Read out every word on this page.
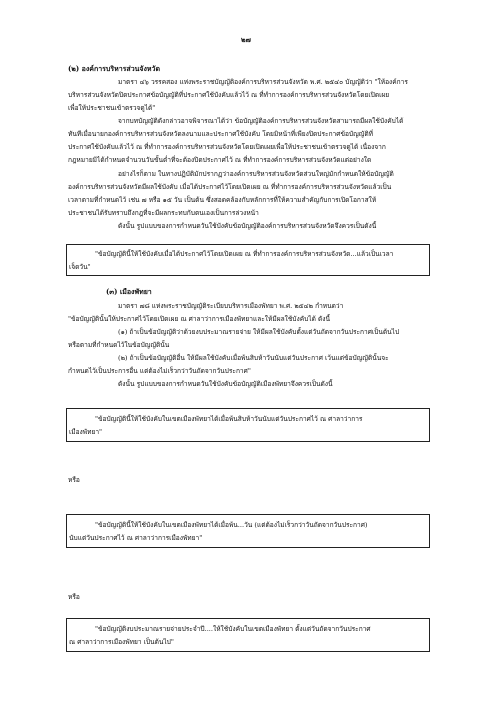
๒๗
(๒) องค์การบริหารส่วนจังหวัด
มาตรา ๔๖ วรรคสอง แห่งพระราชบัญญัติองค์การบริหารส่วนจังหวัด พ.ศ. ๒๕๔๐ บัญญัติว่า "ให้องค์การ
บริหารส่วนจังหวัดปิดประกาศข้อบัญญัติที่ประกาศใช้บังคับแล้วไว้ ณ ที่ทำการองค์การบริหารส่วนจังหวัดโดยเปิดเผย
เพื่อให้ประชาชนเข้าตรวจดูได้"
จากบทบัญญัติดังกล่าวอาจพิจารณาได้ว่า ข้อบัญญัติองค์การบริหารส่วนจังหวัดสามารถมีผลใช้บังคับได้
ทันทีเมื่อนายกองค์การบริหารส่วนจังหวัดลงนามและประกาศใช้บังคับ โดยมิหน้าที่เพียงปิดประกาศข้อบัญญัติที่
ประกาศใช้บังคับแล้วไว้ ณ ที่ทำการองค์การบริหารส่วนจังหวัดโดยเปิดเผยเพื่อให้ประชาชนเข้าตรวจดูได้ เนื่องจาก
กฎหมายมิได้กำหนดจำนวนวันขั้นต่ำที่จะต้องปิดประกาศไว้ ณ ที่ทำการองค์การบริหารส่วนจังหวัดแต่อย่างใด
อย่างไรก็ตาม ในทางปฏิบัติมักปรากฏว่าองค์การบริหารส่วนจังหวัดส่วนใหญ่มักกำหนดให้ข้อบัญญัติ
องค์การบริหารส่วนจังหวัดมีผลใช้บังคับ เมื่อได้ประกาศไว้โดยเปิดเผย ณ ที่ทำการองค์การบริหารส่วนจังหวัดแล้วเป็น
เวลาตามที่กำหนดไว้ เช่น ๗ หรือ ๑๕ วัน เป็นต้น ซึ่งสอดคล้องกับหลักการที่ให้ความสำคัญกับการเปิดโอกาสให้
ประชาชนได้รับทราบถึงกฎที่จะมีผลกระทบกับตนเองเป็นการล่วงหน้า
ดังนั้น รูปแบบของการกำหนดวันใช้บังคับข้อบัญญัติองค์การบริหารส่วนจังหวัดจึงควรเป็นดังนี้
"ข้อบัญญัตินี้ให้ใช้บังคับเมื่อได้ประกาศไว้โดยเปิดเผย ณ ที่ทำการองค์การบริหารส่วนจังหวัด...แล้วเป็นเวลา
เจ็ดวัน"
(๓) เมืองพัทยา
มาตรา ๗๘ แห่งพระราชบัญญัติระเบียบบริหารเมืองพัทยา พ.ศ. ๒๕๔๒ กำหนดว่า
"ข้อบัญญัตินั้นให้ประกาศไว้โดยเปิดเผย ณ ศาลาว่าการเมืองพัทยาและให้มีผลใช้บังคับได้ ดังนี้
(๑) ถ้าเป็นข้อบัญญัติว่าด้วยงบประมาณรายจ่าย ให้มีผลใช้บังคับตั้งแต่วันถัดจากวันประกาศเป็นต้นไป
หรือตามที่กำหนดไว้ในข้อบัญญัตินั้น
(๒) ถ้าเป็นข้อบัญญัติอื่น ให้มีผลใช้บังคับเมื่อพ้นสิบห้าวันนับแต่วันประกาศ เว้นแต่ข้อบัญญัตินั้นจะ
กำหนดไว้เป็นประการอื่น แต่ต้องไม่เร็วกว่าวันถัดจากวันประกาศ"
ดังนั้น รูปแบบของการกำหนดวันใช้บังคับข้อบัญญัติเมืองพัทยาจึงควรเป็นดังนี้
"ข้อบัญญัตินี้ให้ใช้บังคับในเขตเมืองพัทยาได้เมื่อพ้นสิบห้าวันนับแต่วันประกาศไว้ ณ ศาลาว่าการ
เมืองพัทยา"
หรือ
"ข้อบัญญัตินี้ให้ใช้บังคับในเขตเมืองพัทยาได้เมื่อพ้น...วัน (แต่ต้องไม่เร็วกว่าวันถัดจากวันประกาศ)
นับแต่วันประกาศไว้ ณ ศาลาว่าการเมืองพัทยา"
หรือ
"ข้อบัญญัติงบประมาณรายจ่ายประจำปี....ให้ใช้บังคับในเขตเมืองพัทยา ตั้งแต่วันถัดจากวันประกาศ
ณ ศาลาว่าการเมืองพัทยา เป็นต้นไป"
